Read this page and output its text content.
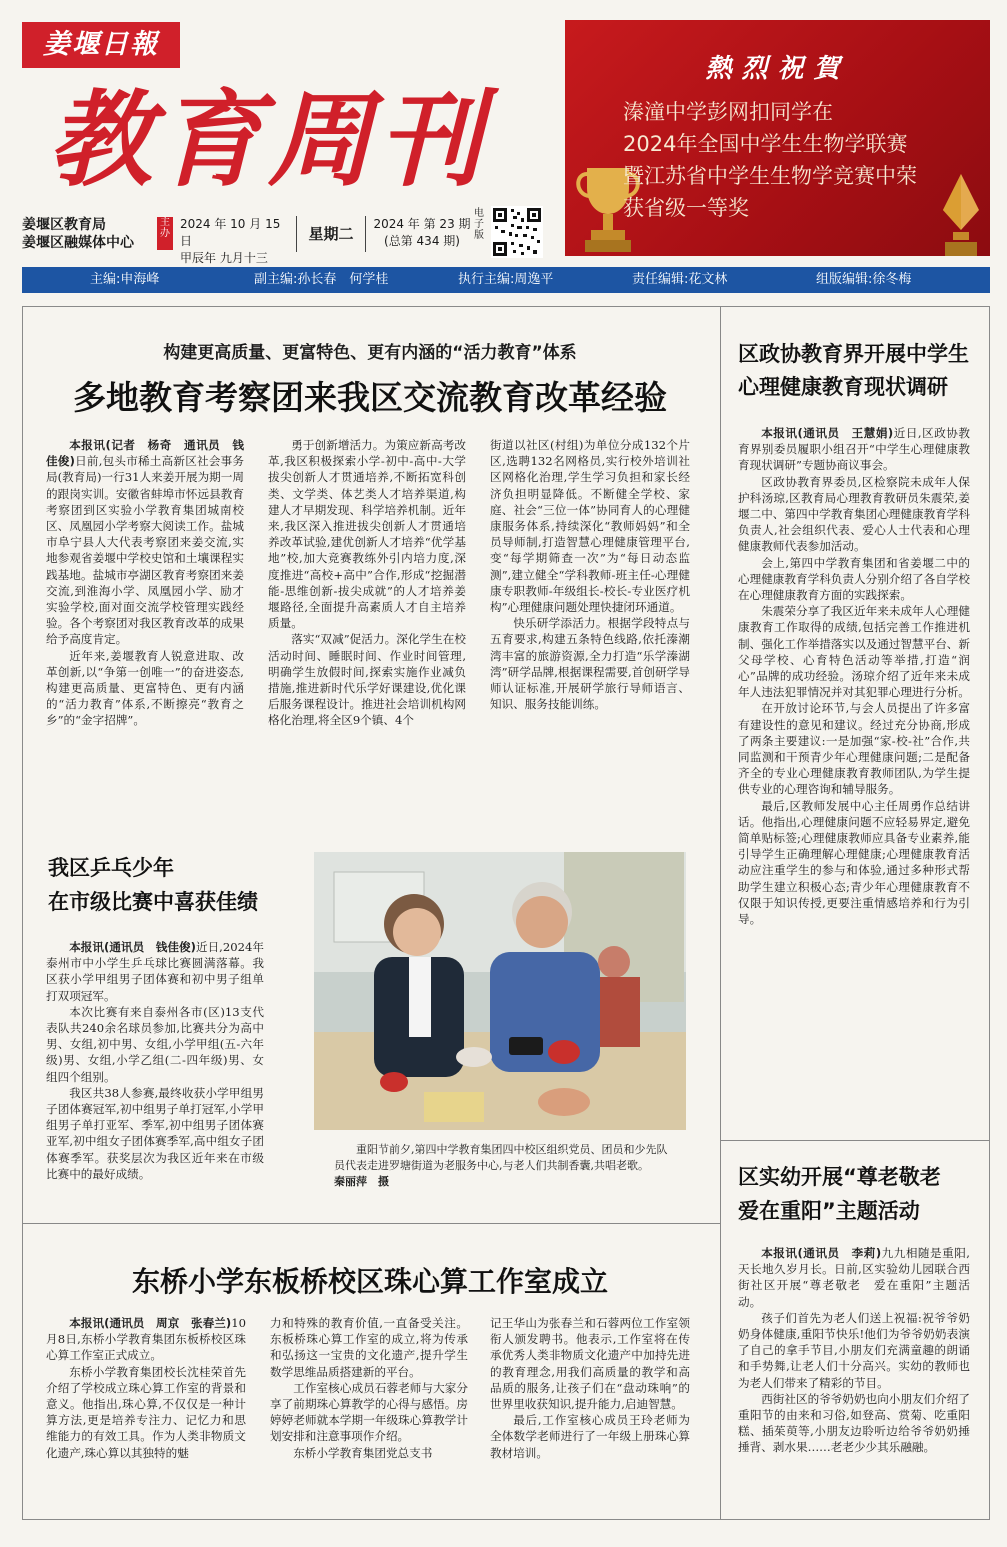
姜堰日報
教育周刊
姜堰区教育局
姜堰区融媒体中心
主办
2024 年 10 月 15 日
甲辰年 九月十三
星期二
2024 年 第 23 期
(总第 434 期)
电子版
熱烈祝賀
溱潼中学彭网扣同学在
2024年全国中学生生物学联赛
暨江苏省中学生生物学竞赛中荣
获省级一等奖
主编:申海峰	副主编:孙长春　何学桂	执行主编:周逸平	责任编辑:花文林	组版编辑:徐冬梅
构建更高质量、更富特色、更有内涵的“活力教育”体系
多地教育考察团来我区交流教育改革经验

本报讯(记者　杨奇　通讯员　钱佳俊)日前,包头市稀土高新区社会事务局(教育局)一行31人来姜开展为期一周的跟岗实训。安徽省蚌埠市怀远县教育考察团到区实验小学教育集团城南校区、凤凰园小学考察大阅读工作。盐城市阜宁县人大代表考察团来姜交流,实地参观省姜堰中学校史馆和土壤课程实践基地。盐城市亭湖区教育考察团来姜交流,到淮海小学、凤凰园小学、励才实验学校,面对面交流学校管理实践经验。各个考察团对我区教育改革的成果给予高度肯定。

近年来,姜堰教育人锐意进取、改革创新,以“争第一创唯一”的奋进姿态,构建更高质量、更富特色、更有内涵的“活力教育”体系,不断擦亮“教育之乡”的“金字招牌”。

勇于创新增活力。为策应新高考改革,我区积极探索小学-初中-高中-大学拔尖创新人才贯通培养,不断拓宽科创类、文学类、体艺类人才培养渠道,构建人才早期发现、科学培养机制。近年来,我区深入推进拔尖创新人才贯通培养改革试验,建优创新人才培养“优学基地”校,加大竞赛教练外引内培力度,深度推进“高校+高中”合作,形成“挖掘潜能-思维创新-拔尖成就”的人才培养姜堰路径,全面提升高素质人才自主培养质量。

落实“双减”促活力。深化学生在校活动时间、睡眠时间、作业时间管理,明确学生放假时间,探索实施作业减负措施,推进新时代乐学好课建设,优化课后服务课程设计。推进社会培训机构网格化治理,将全区9个镇、4个

街道以社区(村组)为单位分成132个片区,选聘132名网格员,实行校外培训社区网格化治理,学生学习负担和家长经济负担明显降低。不断健全学校、家庭、社会“三位一体”协同育人的心理健康服务体系,持续深化“教师妈妈”和全员导师制,打造智慧心理健康管理平台,变“每学期筛查一次”为“每日动态监测”,建立健全“学科教师-班主任-心理健康专职教师-年级组长-校长-专业医疗机构”心理健康问题处理快捷闭环通道。

快乐研学添活力。根据学段特点与五育要求,构建五条特色线路,依托溱潮湾丰富的旅游资源,全力打造“乐学溱湖湾”研学品牌,根据课程需要,首创研学导师认证标准,开展研学旅行导师语言、知识、服务技能训练。

区政协教育界开展中学生
心理健康教育现状调研

本报讯(通讯员　王慧娟)近日,区政协教育界别委员履职小组召开“中学生心理健康教育现状调研”专题协商议事会。

区政协教育界委员,区检察院未成年人保护科汤琼,区教育局心理教育教研员朱震荣,姜堰二中、第四中学教育集团心理健康教育学科负责人,社会组织代表、爱心人士代表和心理健康教师代表参加活动。

会上,第四中学教育集团和省姜堰二中的心理健康教育学科负责人分别介绍了各自学校在心理健康教育方面的实践探索。

朱震荣分享了我区近年来未成年人心理健康教育工作取得的成绩,包括完善工作推进机制、强化工作举措落实以及通过智慧平台、新父母学校、心育特色活动等举措,打造“润心”品牌的成功经验。汤琼介绍了近年来未成年人违法犯罪情况并对其犯罪心理进行分析。

在开放讨论环节,与会人员提出了许多富有建设性的意见和建议。经过充分协商,形成了两条主要建议:一是加强“家-校-社”合作,共同监测和干预青少年心理健康问题;二是配备齐全的专业心理健康教育教师团队,为学生提供专业的心理咨询和辅导服务。

最后,区教师发展中心主任周勇作总结讲话。他指出,心理健康问题不应轻易界定,避免简单贴标签;心理健康教师应具备专业素养,能引导学生正确理解心理健康;心理健康教育活动应注重学生的参与和体验,通过多种形式帮助学生建立积极心态;青少年心理健康教育不仅限于知识传授,更要注重情感培养和行为引导。

我区乒乓少年
在市级比赛中喜获佳绩

本报讯(通讯员　钱佳俊)近日,2024年泰州市中小学生乒乓球比赛圆满落幕。我区获小学甲组男子团体赛和初中男子组单打双项冠军。

本次比赛有来自泰州各市(区)13支代表队共240余名球员参加,比赛共分为高中男、女组,初中男、女组,小学甲组(五-六年级)男、女组,小学乙组(二-四年级)男、女组四个组别。

我区共38人参赛,最终收获小学甲组男子团体赛冠军,初中组男子单打冠军,小学甲组男子单打亚军、季军,初中组男子团体赛亚军,初中组女子团体赛季军,高中组女子团体赛季军。获奖层次为我区近年来在市级比赛中的最好成绩。

重阳节前夕,第四中学教育集团四中校区组织党员、团员和少先队员代表走进罗塘街道为老服务中心,与老人们共制香囊,共唱老歌。秦丽萍　摄
东桥小学东板桥校区珠心算工作室成立

本报讯(通讯员　周京　张春兰)10月8日,东桥小学教育集团东板桥校区珠心算工作室正式成立。

东桥小学教育集团校长沈桂荣首先介绍了学校成立珠心算工作室的背景和意义。他指出,珠心算,不仅仅是一种计算方法,更是培养专注力、记忆力和思维能力的有效工具。作为人类非物质文化遗产,珠心算以其独特的魅

力和特殊的教育价值,一直备受关注。东板桥珠心算工作室的成立,将为传承和弘扬这一宝贵的文化遗产,提升学生数学思维品质搭建新的平台。

工作室核心成员石蓉老师与大家分享了前期珠心算教学的心得与感悟。房婷婷老师就本学期一年级珠心算教学计划安排和注意事项作介绍。

东桥小学教育集团党总支书

记王华山为张春兰和石蓉两位工作室领衔人颁发聘书。他表示,工作室将在传承优秀人类非物质文化遗产中加持先进的教育理念,用我们高质量的教学和高品质的服务,让孩子们在“盘动珠响”的世界里收获知识,提升能力,启迪智慧。

最后,工作室核心成员王玲老师为全体数学老师进行了一年级上册珠心算教材培训。

区实幼开展“尊老敬老
爱在重阳”主题活动

本报讯(通讯员　李莉)九九相随是重阳,天长地久岁月长。日前,区实验幼儿园联合西街社区开展“尊老敬老　爱在重阳”主题活动。

孩子们首先为老人们送上祝福:祝爷爷奶奶身体健康,重阳节快乐!他们为爷爷奶奶表演了自己的拿手节目,小朋友们充满童趣的朗诵和手势舞,让老人们十分高兴。实幼的教师也为老人们带来了精彩的节目。

西街社区的爷爷奶奶也向小朋友们介绍了重阳节的由来和习俗,如登高、赏菊、吃重阳糕、插茱萸等,小朋友边聆听边给爷爷奶奶捶捶背、剥水果……老老少少其乐融融。
